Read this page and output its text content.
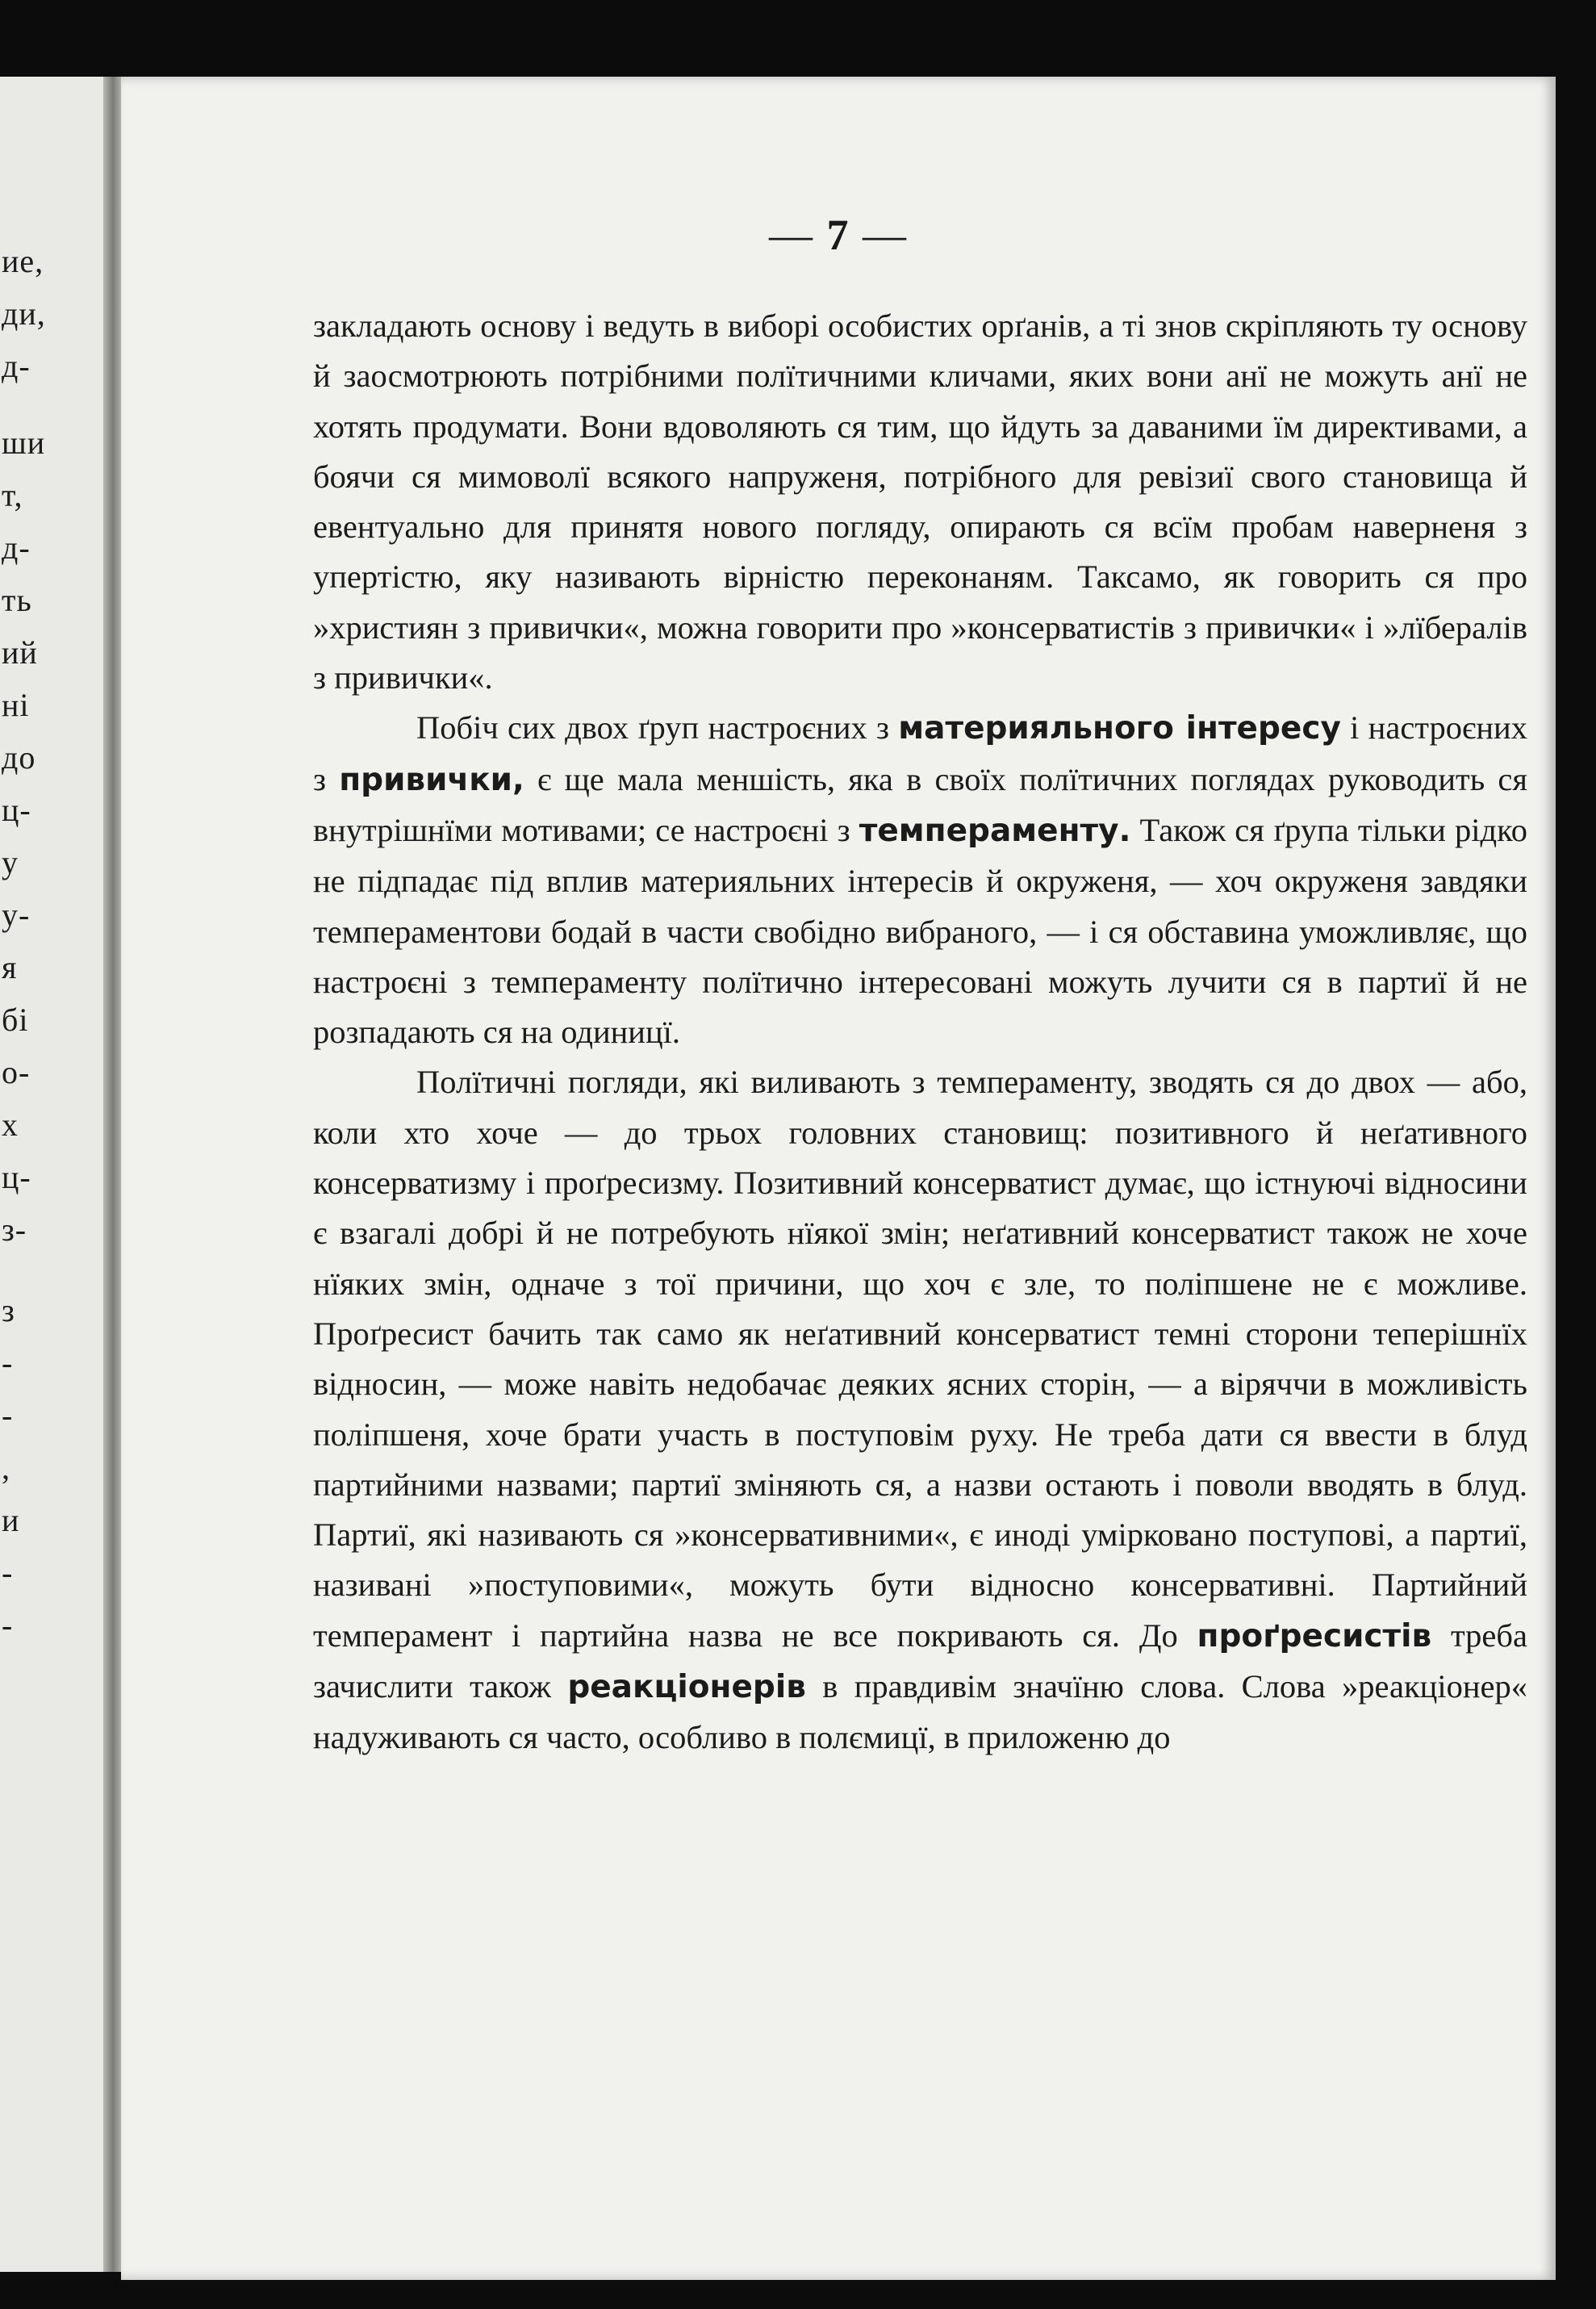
ие,
ди,
д-
ши
т,
д-
ть
ий
ні
до
ц-
у
у-
я
бі
о-
х
ц-
з-
з
-
-
,
и
-
-
— 7 —

закладають основу і ведуть в виборі особистих орґанів, а ті знов скріпляють ту основу й заосмотрюють потрібними полїтичними кличами, яких вони анї не можуть анї не хотять продумати. Вони вдоволяють ся тим, що йдуть за даваними їм директивами, а боячи ся мимоволї всякого напруженя, потрібного для ревізиї свого становища й евентуально для принятя нового погляду, опирають ся всїм пробам наверненя з упертістю, яку називають вірністю переконаням. Таксамо, як говорить ся про »християн з привички«, можна говорити про »консерватистів з привички« і »лїбералів з привички«.

Побіч сих двох ґруп настроєних з материяльного інтересу і настроєних з привички, є ще мала меншість, яка в своїх полїтичних поглядах руководить ся внутрішнїми мотивами; се настроєні з темпераменту. Також ся ґрупа тільки рідко не підпадає під вплив материяльних інтересів й окруженя, — хоч окруженя завдяки темпераментови бодай в части свобідно вибраного, — і ся обставина уможливляє, що настроєні з темпераменту полїтично інтересовані можуть лучити ся в партиї й не розпадають ся на одиницї.

Полїтичні погляди, які виливають з темпераменту, зводять ся до двох — або, коли хто хоче — до трьох головних становищ: позитивного й неґативного консерватизму і проґресизму. Позитивний консерватист думає, що істнуючі відносини є взагалі добрі й не потребують нїякої змін; неґативний консерватист також не хоче нїяких змін, одначе з тої причини, що хоч є зле, то поліпшене не є можливе. Проґресист бачить так само як неґативний консерватист темні сторони теперішнїх відносин, — може навіть недобачає деяких ясних сторін, — а віряччи в можливість поліпшеня, хоче брати участь в поступовім руху. Не треба дати ся ввести в блуд партийними назвами; партиї зміняють ся, а назви остають і поволи вводять в блуд. Партиї, які називають ся »консервативними«, є иноді умірковано поступові, а партиї, називані »поступовими«, можуть бути відносно консервативні. Партийний темперамент і партийна назва не все покривають ся. До проґресистів треба зачислити також реакціонерів в правдивім значїню слова. Слова »реакціонер« надуживають ся часто, особливо в полємицї, в приложеню до
